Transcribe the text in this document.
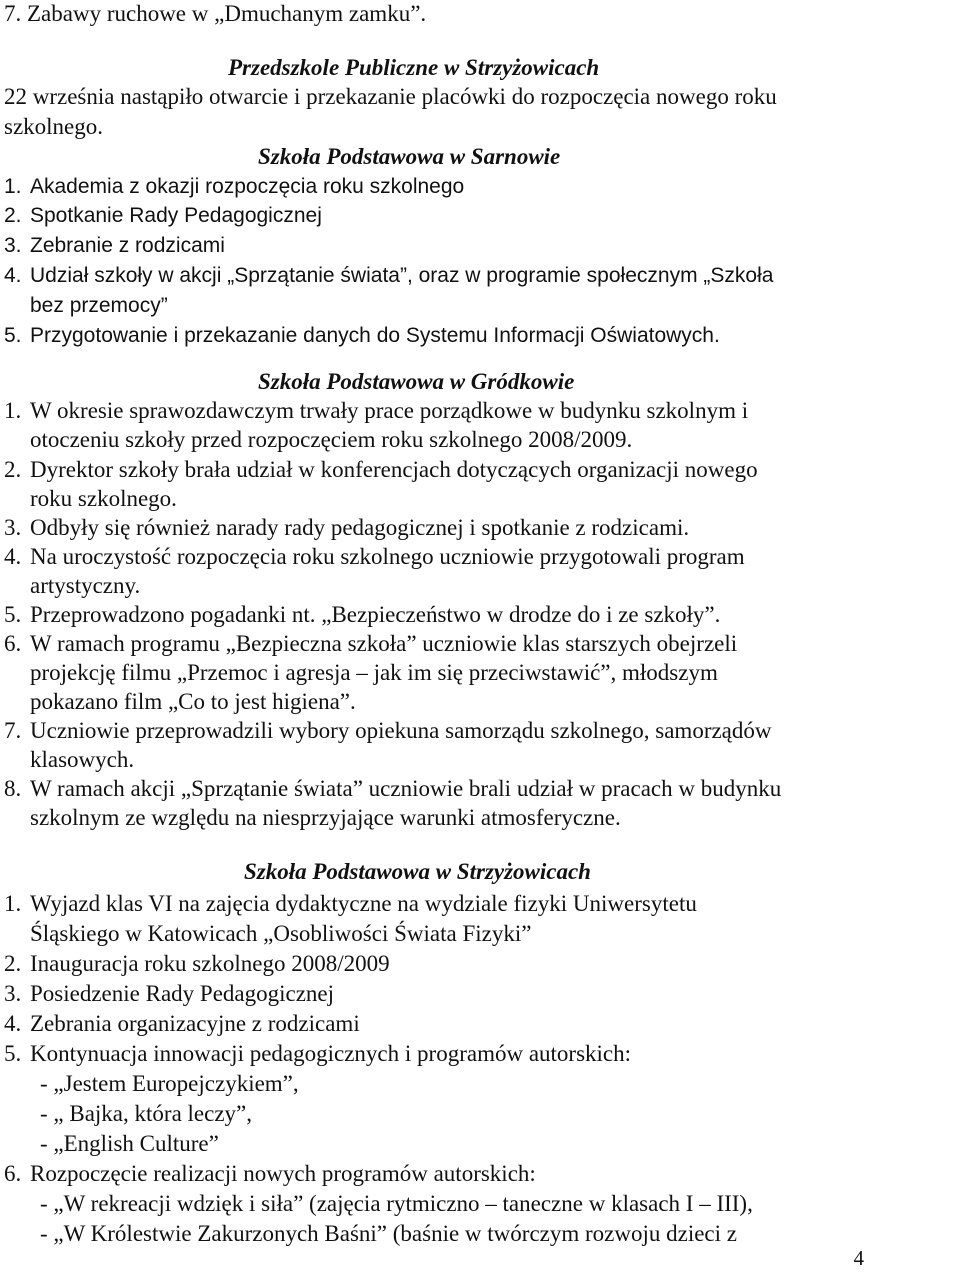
7. Zabawy ruchowe w „Dmuchanym zamku”.
Przedszkole Publiczne w Strzyżowicach
22 września nastąpiło otwarcie i przekazanie placówki do rozpoczęcia nowego roku
szkolnego.
Szkoła Podstawowa w Sarnowie
1. Akademia z okazji rozpoczęcia roku szkolnego
2. Spotkanie Rady Pedagogicznej
3. Zebranie z rodzicami
4. Udział szkoły w akcji „Sprzątanie świata”, oraz w programie społecznym „Szkoła
bez przemocy”
5. Przygotowanie i przekazanie danych do Systemu Informacji Oświatowych.
Szkoła Podstawowa w Gródkowie
1. W okresie sprawozdawczym trwały prace porządkowe w budynku szkolnym i
otoczeniu szkoły przed rozpoczęciem roku szkolnego 2008/2009.
2. Dyrektor szkoły brała udział w konferencjach dotyczących organizacji nowego
roku szkolnego.
3. Odbyły się również narady rady pedagogicznej i spotkanie z rodzicami.
4. Na uroczystość rozpoczęcia roku szkolnego uczniowie przygotowali program
artystyczny.
5. Przeprowadzono pogadanki nt. „Bezpieczeństwo w drodze do i ze szkoły”.
6. W ramach programu „Bezpieczna szkoła” uczniowie klas starszych obejrzeli
projekcję filmu „Przemoc i agresja – jak im się przeciwstawić”, młodszym
pokazano film „Co to jest higiena”.
7. Uczniowie przeprowadzili wybory opiekuna samorządu szkolnego, samorządów
klasowych.
8. W ramach akcji „Sprzątanie świata” uczniowie brali udział w pracach w budynku
szkolnym ze względu na niesprzyjające warunki atmosferyczne.
Szkoła Podstawowa w Strzyżowicach
1. Wyjazd klas VI na zajęcia dydaktyczne na wydziale fizyki Uniwersytetu
Śląskiego w Katowicach „Osobliwości Świata Fizyki”
2. Inauguracja roku szkolnego 2008/2009
3. Posiedzenie Rady Pedagogicznej
4. Zebrania organizacyjne z rodzicami
5. Kontynuacja innowacji pedagogicznych i programów autorskich:
- „Jestem Europejczykiem”,
- „ Bajka, która leczy”,
- „English Culture”
6. Rozpoczęcie realizacji nowych programów autorskich:
- „W rekreacji wdzięk i siła” (zajęcia rytmiczno – taneczne w klasach I – III),
- „W Królestwie Zakurzonych Baśni” (baśnie w twórczym rozwoju dzieci z
4
